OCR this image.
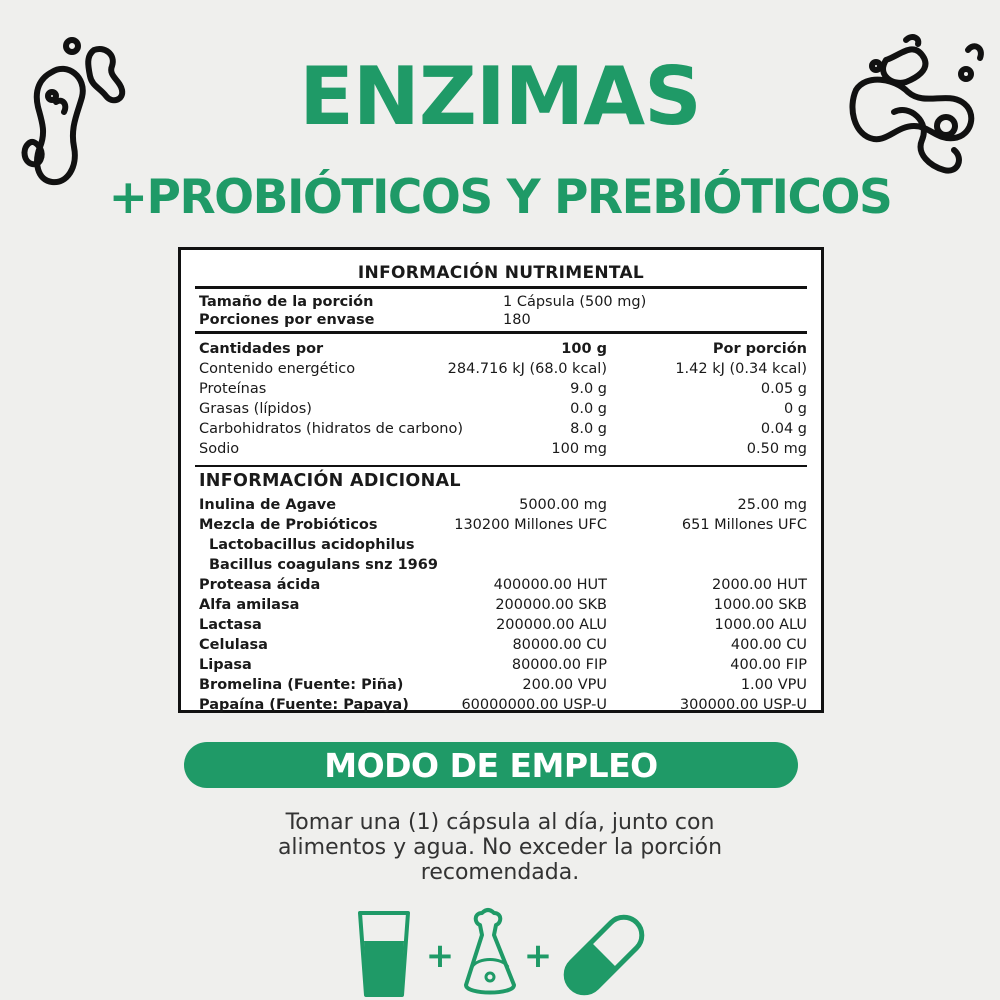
ENZIMAS
+PROBIÓTICOS Y PREBIÓTICOS
INFORMACIÓN NUTRIMENTAL
Tamaño de la porción	1 Cápsula (500 mg)
Porciones por envase	180
Cantidades por	100 g	Por porción
Contenido energético	284.716 kJ (68.0 kcal)	1.42 kJ (0.34 kcal)
Proteínas	9.0 g	0.05 g
Grasas (lípidos)	0.0 g	0 g
Carbohidratos (hidratos de carbono)	8.0 g	0.04 g
Sodio	100 mg	0.50 mg
INFORMACIÓN ADICIONAL
Inulina de Agave	5000.00 mg	25.00 mg
Mezcla de Probióticos	130200 Millones UFC	651 Millones UFC
Lactobacillus acidophilus
Bacillus coagulans snz 1969
Proteasa ácida	400000.00 HUT	2000.00 HUT
Alfa amilasa	200000.00 SKB	1000.00 SKB
Lactasa	200000.00 ALU	1000.00 ALU
Celulasa	80000.00 CU	400.00 CU
Lipasa	80000.00 FIP	400.00 FIP
Bromelina (Fuente: Piña)	200.00 VPU	1.00 VPU
Papaína (Fuente: Papaya)	60000000.00 USP-U	300000.00 USP-U
MODO DE EMPLEO
Tomar una (1) cápsula al día, junto con
alimentos y agua. No exceder la porción
recomendada.
+ +
